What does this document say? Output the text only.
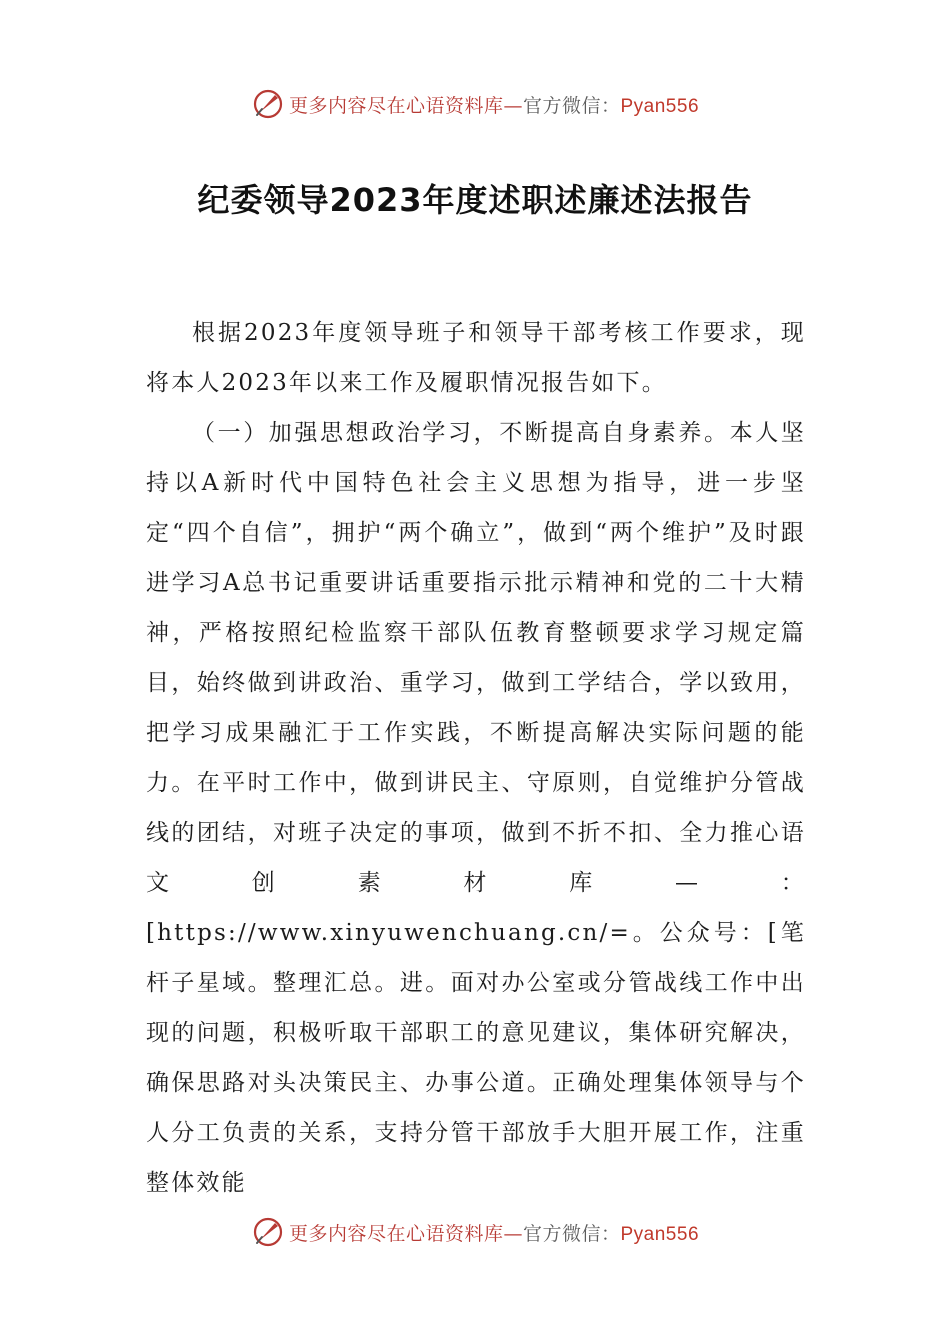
更多内容尽在心语资料库—官方微信：Pyan556
纪委领导2023年度述职述廉述法报告

根据2023年度领导班子和领导干部考核工作要求，现将本人2023年以来工作及履职情况报告如下。

（一）加强思想政治学习，不断提高自身素养。本人坚持以A新时代中国特色社会主义思想为指导，进一步坚定“四个自信”，拥护“两个确立”，做到“两个维护”及时跟进学习A总书记重要讲话重要指示批示精神和党的二十大精神，严格按照纪检监察干部队伍教育整顿要求学习规定篇目，始终做到讲政治、重学习，做到工学结合，学以致用，把学习成果融汇于工作实践，不断提高解决实际问题的能力。在平时工作中，做到讲民主、守原则，自觉维护分管战线的团结，对班子决定的事项，做到不折不扣、全力推心语文创素材库—：[https://www.xinyuwenchuang.cn/=。公众号：[笔杆子星域。整理汇总。进。面对办公室或分管战线工作中出现的问题，积极听取干部职工的意见建议，集体研究解决，确保思路对头决策民主、办事公道。正确处理集体领导与个人分工负责的关系，支持分管干部放手大胆开展工作，注重整体效能

更多内容尽在心语资料库—官方微信：Pyan556
